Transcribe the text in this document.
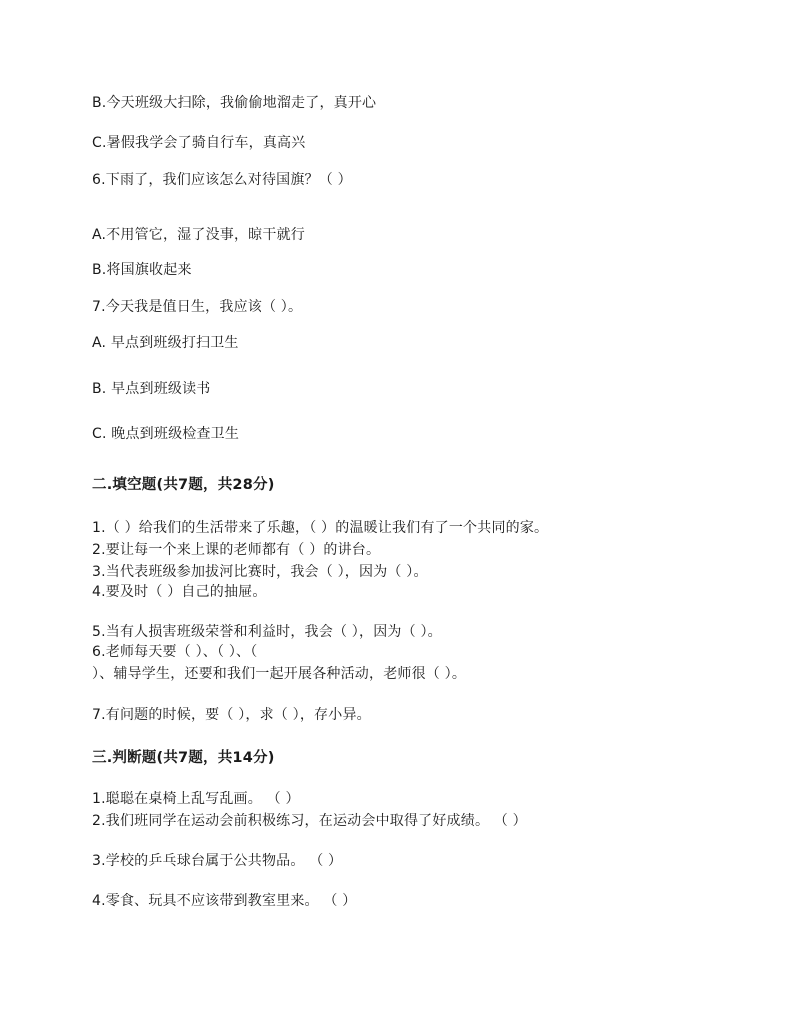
B.今天班级大扫除，我偷偷地溜走了，真开心
C.暑假我学会了骑自行车，真高兴
6.下雨了，我们应该怎么对待国旗？（ ）
A.不用管它，湿了没事，晾干就行
B.将国旗收起来
7.今天我是值日生，我应该（ ）。
A. 早点到班级打扫卫生
B. 早点到班级读书
C. 晚点到班级检查卫生
二.填空题(共7题，共28分)
1.（ ）给我们的生活带来了乐趣，（ ）的温暖让我们有了一个共同的家。
2.要让每一个来上课的老师都有（ ）的讲台。
3.当代表班级参加拔河比赛时，我会（ ），因为（ ）。
4.要及时（ ）自己的抽屉。
5.当有人损害班级荣誉和利益时，我会（ ），因为（ ）。
6.老师每天要（ ）、（ ）、（
）、辅导学生，还要和我们一起开展各种活动，老师很（ ）。
7.有问题的时候，要（ ），求（ ），存小异。
三.判断题(共7题，共14分)
1.聪聪在桌椅上乱写乱画。 （ ）
2.我们班同学在运动会前积极练习，在运动会中取得了好成绩。 （ ）
3.学校的乒乓球台属于公共物品。 （ ）
4.零食、玩具不应该带到教室里来。 （ ）
